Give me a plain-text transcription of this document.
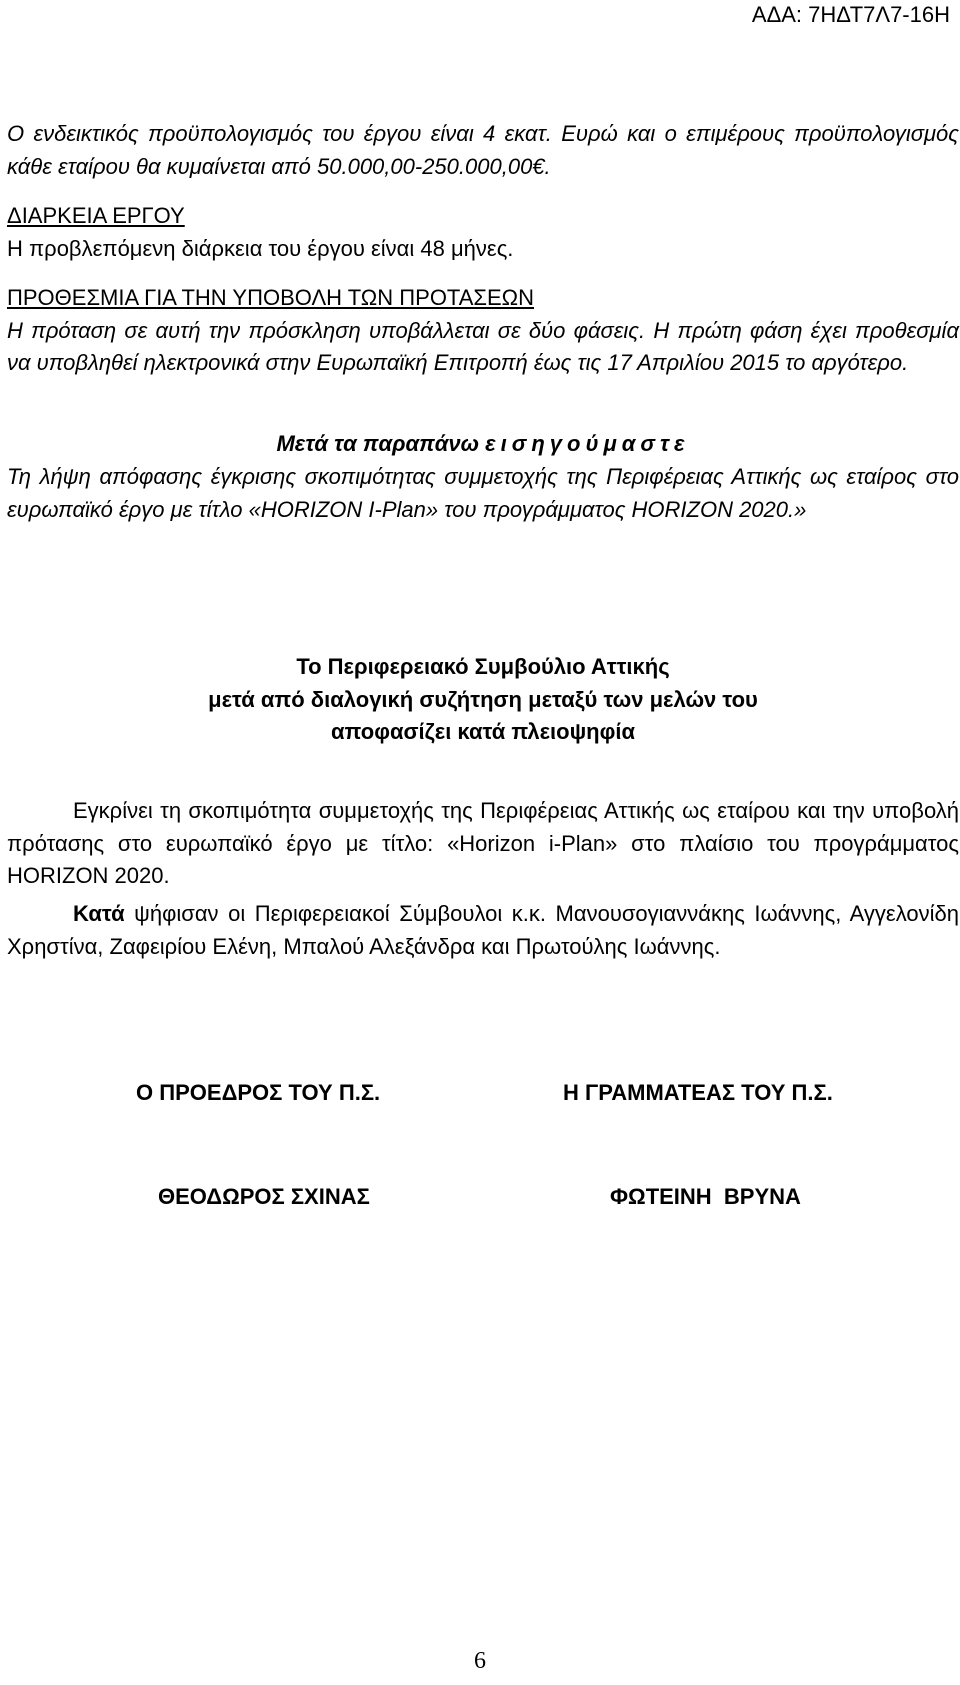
ΑΔΑ: 7ΗΔΤ7Λ7-16Η
Ο ενδεικτικός προϋπολογισμός του έργου είναι 4 εκατ. Ευρώ και ο επιμέρους προϋπολογισμός κάθε εταίρου θα κυμαίνεται από 50.000,00-250.000,00€.
ΔΙΑΡΚΕΙΑ ΕΡΓΟΥ
Η προβλεπόμενη διάρκεια του έργου είναι 48 μήνες.
ΠΡΟΘΕΣΜΙΑ ΓΙΑ ΤΗΝ ΥΠΟΒΟΛΗ ΤΩΝ ΠΡΟΤΑΣΕΩΝ
Η πρόταση σε αυτή την πρόσκληση υποβάλλεται σε δύο φάσεις. Η πρώτη φάση έχει προθεσμία να υποβληθεί ηλεκτρονικά στην Ευρωπαϊκή Επιτροπή έως τις 17 Απριλίου 2015 το αργότερο.
Μετά τα παραπάνω εισηγούμαστε
Τη λήψη απόφασης έγκρισης σκοπιμότητας συμμετοχής της Περιφέρειας Αττικής ως εταίρος στο ευρωπαϊκό έργο με τίτλο «HORIZON I-Plan» του προγράμματος HORIZON 2020.»
Το Περιφερειακό Συμβούλιο Αττικής
μετά από διαλογική συζήτηση μεταξύ των μελών του
αποφασίζει κατά πλειοψηφία
Εγκρίνει τη σκοπιμότητα συμμετοχής της Περιφέρειας Αττικής ως εταίρου και την υποβολή πρότασης στο ευρωπαϊκό έργο με τίτλο: «Horizon i-Plan» στο πλαίσιο του προγράμματος HORIZON 2020.
Κατά ψήφισαν οι Περιφερειακοί Σύμβουλοι κ.κ. Μανουσογιαννάκης Ιωάννης, Αγγελονίδη Χρηστίνα, Ζαφειρίου Ελένη, Μπαλού Αλεξάνδρα και Πρωτούλης Ιωάννης.
Ο ΠΡΟΕΔΡΟΣ ΤΟΥ Π.Σ.	Η ΓΡΑΜΜΑΤΕΑΣ ΤΟΥ Π.Σ.
ΘΕΟΔΩΡΟΣ ΣΧΙΝΑΣ	ΦΩΤΕΙΝΗ  ΒΡΥΝΑ
6
